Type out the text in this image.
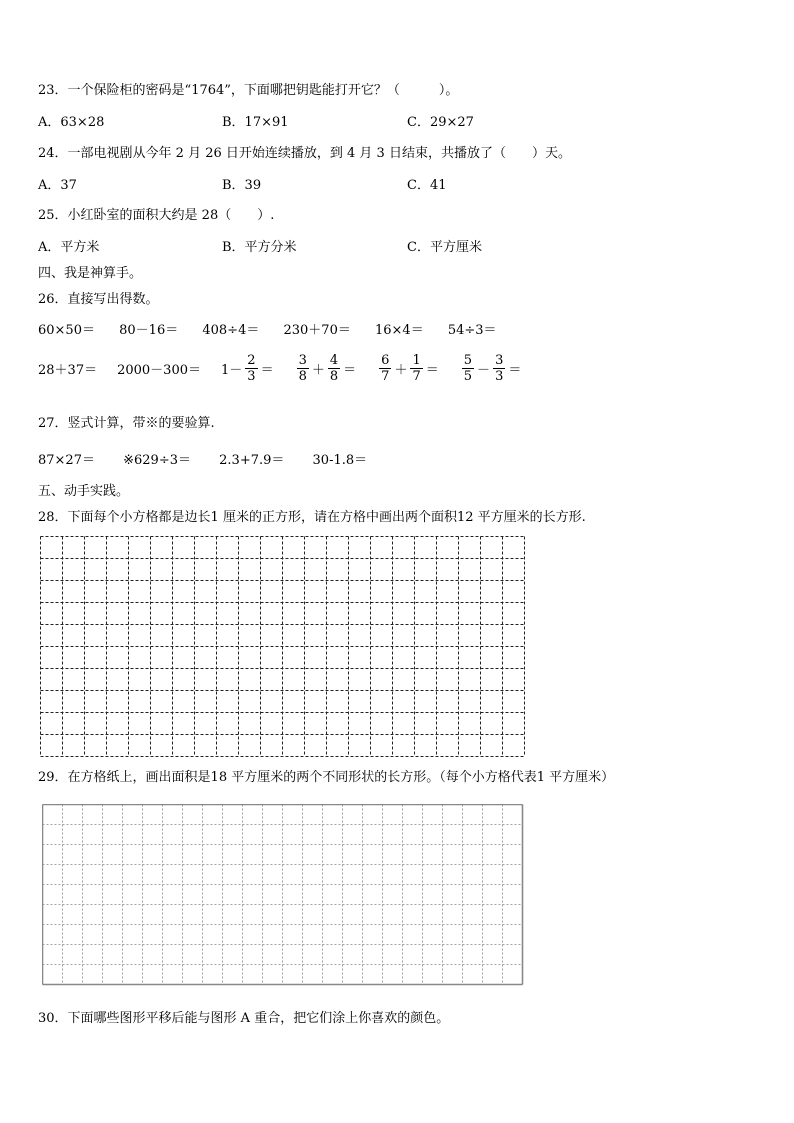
23．一个保险柜的密码是“1764”，下面哪把钥匙能打开它？（　　　）。
A．63×28	B．17×91	C．29×27
24．一部电视剧从今年 2 月 26 日开始连续播放，到 4 月 3 日结束，共播放了（　　）天。
A．37	B．39	C．41
25．小红卧室的面积大约是 28（　　）.
A．平方米	B．平方分米	C．平方厘米
四、我是神算手。
26．直接写出得数。
60×50＝ 80－16＝ 408÷4＝ 230＋70＝ 16×4＝ 54÷3＝
$28+37= 2000-300= 1- \frac{2}{3} = \frac{3}{8} + \frac{4}{8} = \frac{6}{7} + \frac{1}{7} = \frac{5}{5} - \frac{3}{3}$ ＝
27．竖式计算，带※的要验算.
87×27＝ ※629÷3＝ 2.3+7.9＝ 30-1.8＝
五、动手实践。
28．下面每个小方格都是边长1 厘米的正方形，请在方格中画出两个面积12 平方厘米的长方形.
29．在方格纸上，画出面积是18 平方厘米的两个不同形状的长方形。（每个小方格代表1 平方厘米）
30．下面哪些图形平移后能与图形 A 重合，把它们涂上你喜欢的颜色。
